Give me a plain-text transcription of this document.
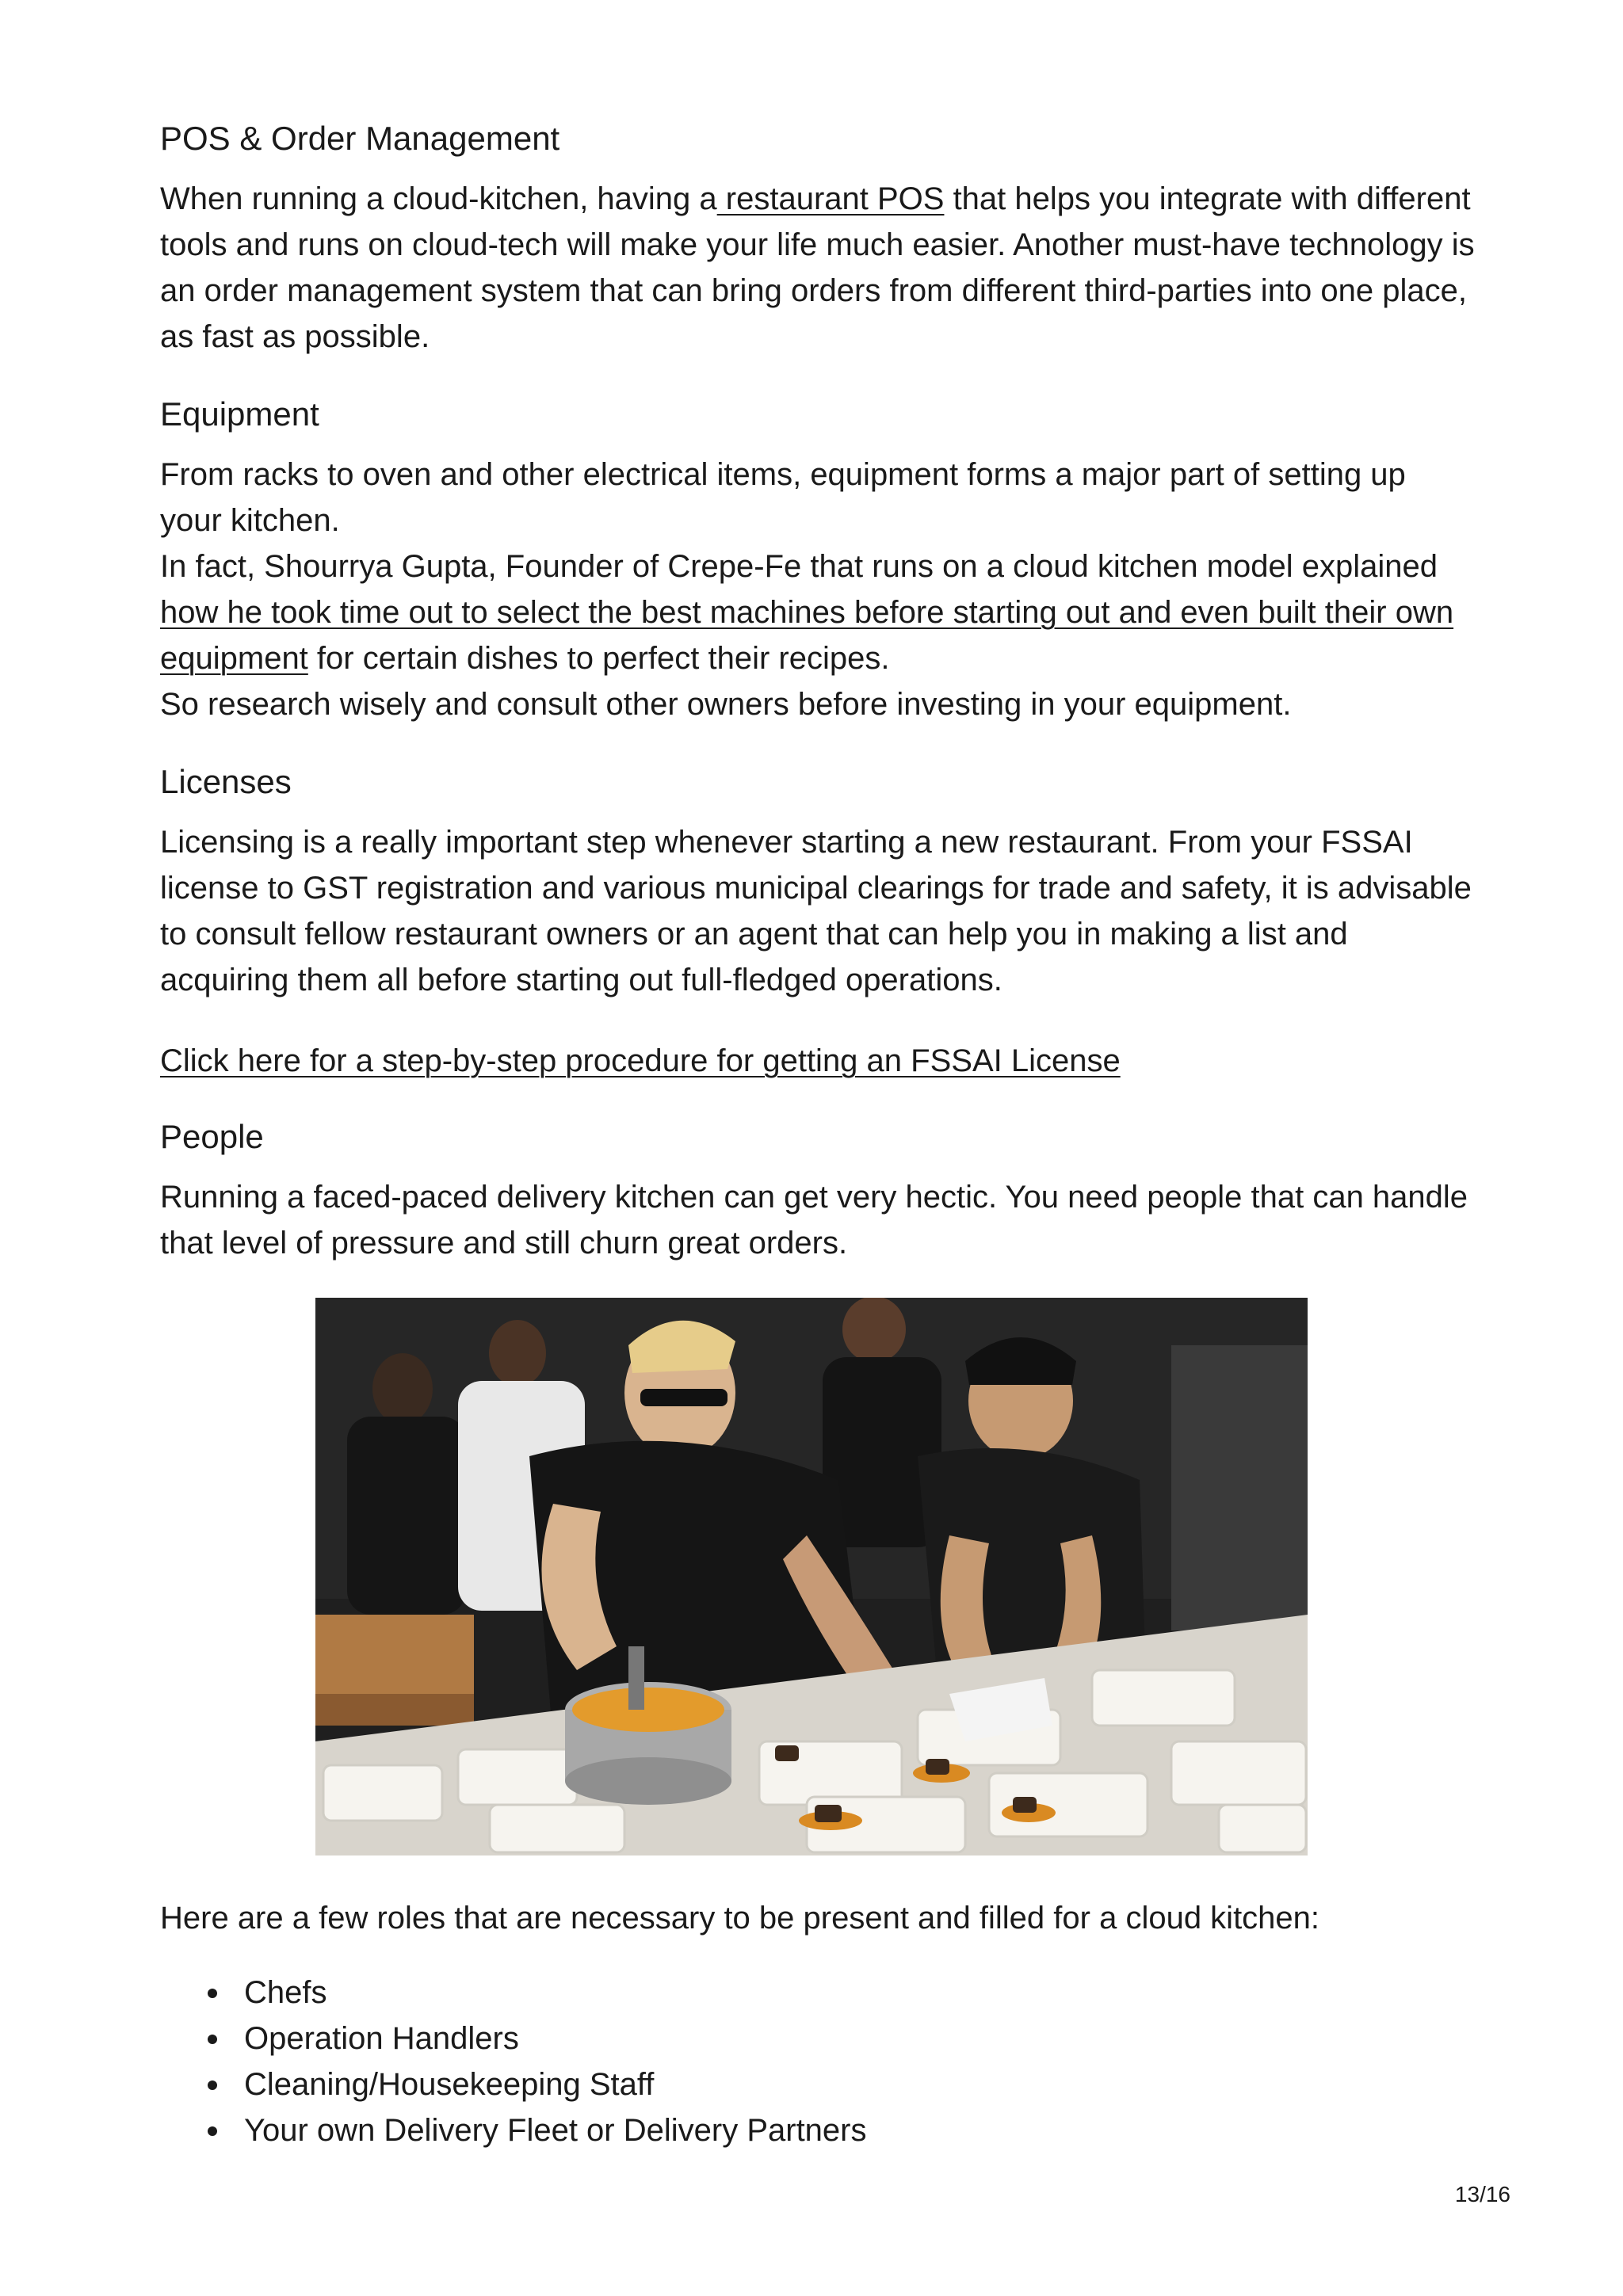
POS & Order Management

When running a cloud-kitchen, having a restaurant POS that helps you integrate with different tools and runs on cloud-tech will make your life much easier. Another must-have technology is an order management system that can bring orders from different third-parties into one place, as fast as possible.

Equipment

From racks to oven and other electrical items, equipment forms a major part of setting up your kitchen.
In fact, Shourrya Gupta, Founder of Crepe-Fe that runs on a cloud kitchen model explained how he took time out to select the best machines before starting out and even built their own equipment for certain dishes to perfect their recipes.
So research wisely and consult other owners before investing in your equipment.

Licenses

Licensing is a really important step whenever starting a new restaurant. From your FSSAI license to GST registration and various municipal clearings for trade and safety, it is advisable to consult fellow restaurant owners or an agent that can help you in making a list and acquiring them all before starting out full-fledged operations.

Click here for a step-by-step procedure for getting an FSSAI License

People

Running a faced-paced delivery kitchen can get very hectic. You need people that can handle that level of pressure and still churn great orders.

Here are a few roles that are necessary to be present and filled for a cloud kitchen:

Chefs
Operation Handlers
Cleaning/Housekeeping Staff
Your own Delivery Fleet or Delivery Partners
13/16
